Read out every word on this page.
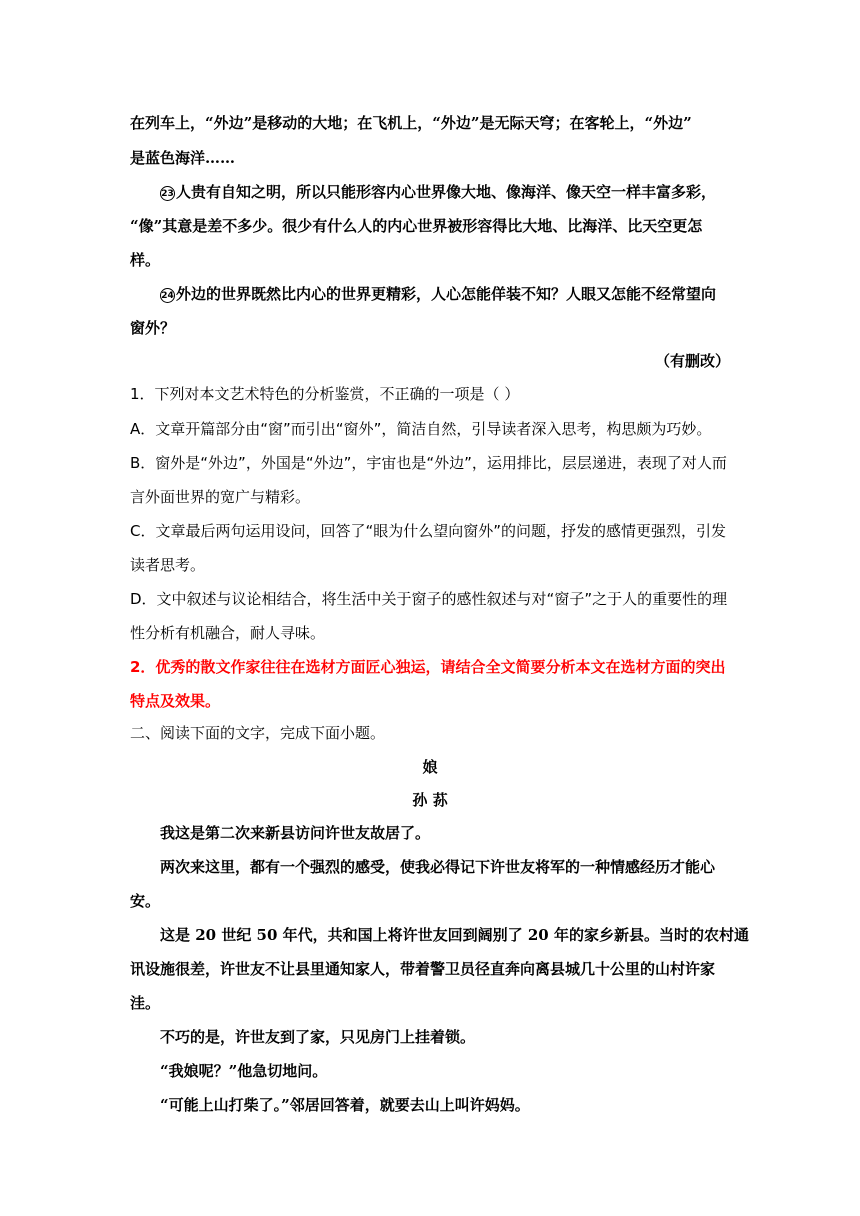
在列车上，“外边”是移动的大地；在飞机上，“外边”是无际天穹；在客轮上，“外边”
是蓝色海洋……
23 人贵有自知之明，所以只能形容内心世界像大地、像海洋、像天空一样丰富多彩，
“像”其意是差不多少。很少有什么人的内心世界被形容得比大地、比海洋、比天空更怎
样。
24 外边的世界既然比内心的世界更精彩，人心怎能佯装不知？人眼又怎能不经常望向
窗外？
（有删改）
1．下列对本文艺术特色的分析鉴赏，不正确的一项是（ ）
A．文章开篇部分由“窗”而引出“窗外”，简洁自然，引导读者深入思考，构思颇为巧妙。
B．窗外是“外边”，外国是“外边”，宇宙也是“外边”，运用排比，层层递进，表现了对人而
言外面世界的宽广与精彩。
C．文章最后两句运用设问，回答了“眼为什么望向窗外”的问题，抒发的感情更强烈，引发
读者思考。
D．文中叙述与议论相结合，将生活中关于窗子的感性叙述与对“窗子”之于人的重要性的理
性分析有机融合，耐人寻味。
2．优秀的散文作家往往在选材方面匠心独运，请结合全文简要分析本文在选材方面的突出
特点及效果。
二、阅读下面的文字，完成下面小题。
娘
孙 荪
我这是第二次来新县访问许世友故居了。
两次来这里，都有一个强烈的感受，使我必得记下许世友将军的一种情感经历才能心
安。
这是 20 世纪 50 年代，共和国上将许世友回到阔别了 20 年的家乡新县。当时的农村通
讯设施很差，许世友不让县里通知家人，带着警卫员径直奔向离县城几十公里的山村许家
洼。
不巧的是，许世友到了家，只见房门上挂着锁。
“我娘呢？”他急切地问。
“可能上山打柴了。”邻居回答着，就要去山上叫许妈妈。
